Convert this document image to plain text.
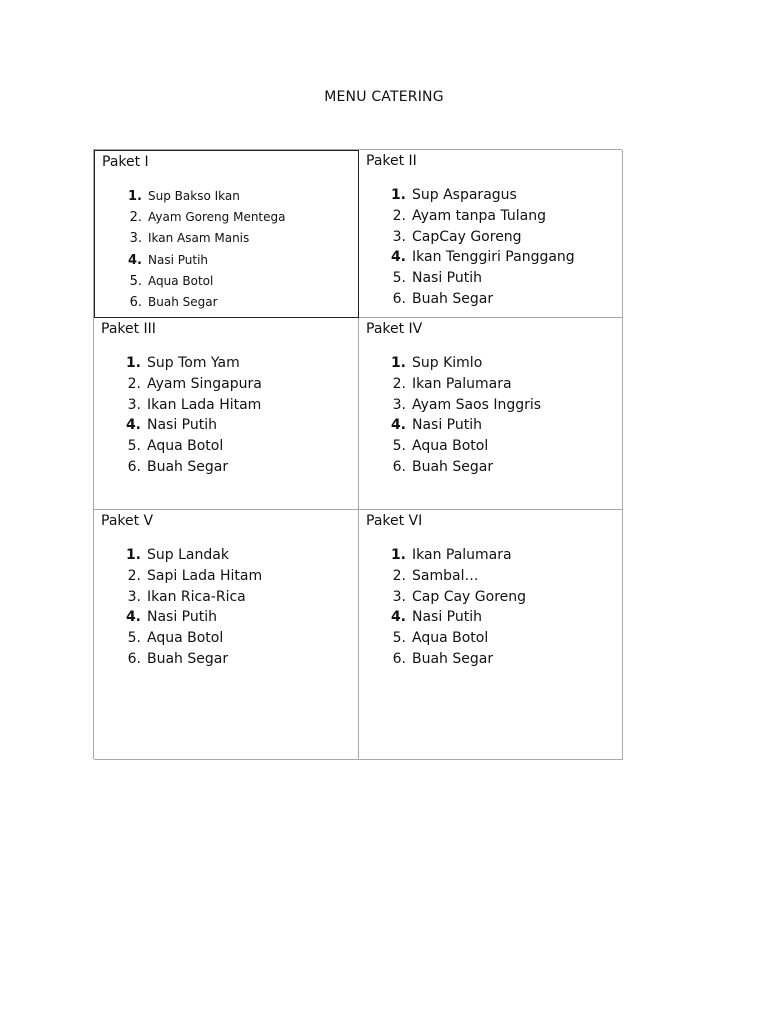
MENU CATERING
Paket I
1. Sup Bakso Ikan
2. Ayam Goreng Mentega
3. Ikan Asam Manis
4. Nasi Putih
5. Aqua Botol
6. Buah Segar
Paket II
1. Sup Asparagus
2. Ayam tanpa Tulang
3. CapCay Goreng
4. Ikan Tenggiri Panggang
5. Nasi Putih
6. Buah Segar
Paket III
1. Sup Tom Yam
2. Ayam Singapura
3. Ikan Lada Hitam
4. Nasi Putih
5. Aqua Botol
6. Buah Segar
Paket IV
1. Sup Kimlo
2. Ikan Palumara
3. Ayam Saos Inggris
4. Nasi Putih
5. Aqua Botol
6. Buah Segar
Paket V
1. Sup Landak
2. Sapi Lada Hitam
3. Ikan Rica-Rica
4. Nasi Putih
5. Aqua Botol
6. Buah Segar
Paket VI
1. Ikan Palumara
2. Sambal…
3. Cap Cay Goreng
4. Nasi Putih
5. Aqua Botol
6. Buah Segar
